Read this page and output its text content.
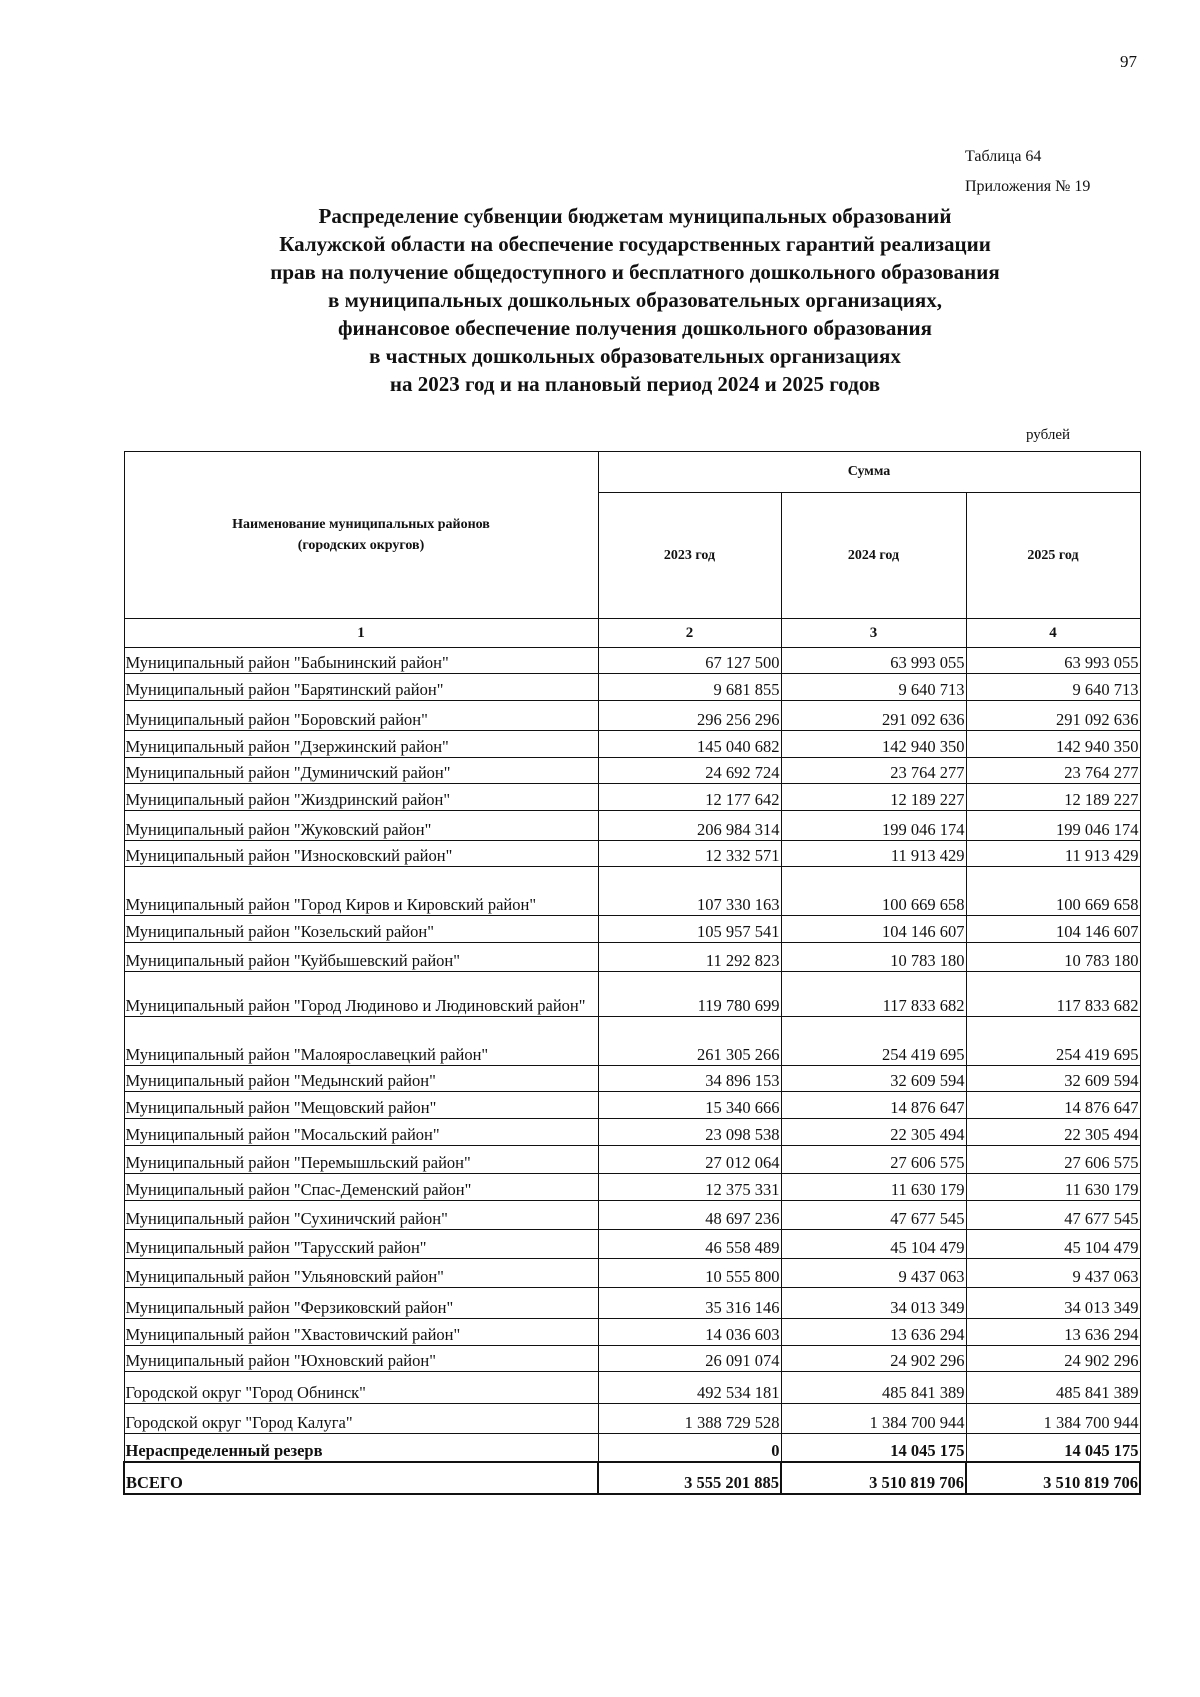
97
Таблица 64
Приложения № 19
Распределение субвенции бюджетам муниципальных образований
Калужской области на обеспечение государственных гарантий реализации
прав на получение общедоступного и бесплатного дошкольного образования
в муниципальных дошкольных образовательных организациях,
финансовое обеспечение получения дошкольного образования
в частных дошкольных образовательных организациях
на 2023 год и на плановый период 2024 и 2025 годов
рублей
Наименование муниципальных районов
(городских округов)	Сумма		
	2023 год	2024 год	2025 год
1	2	3	4
Муниципальный район "Бабынинский район"	67 127 500	63 993 055	63 993 055
Муниципальный район "Барятинский район"	9 681 855	9 640 713	9 640 713
Муниципальный район "Боровский район"	296 256 296	291 092 636	291 092 636
Муниципальный район "Дзержинский район"	145 040 682	142 940 350	142 940 350
Муниципальный район "Думиничский район"	24 692 724	23 764 277	23 764 277
Муниципальный район "Жиздринский район"	12 177 642	12 189 227	12 189 227
Муниципальный район "Жуковский район"	206 984 314	199 046 174	199 046 174
Муниципальный район "Износковский район"	12 332 571	11 913 429	11 913 429
Муниципальный район "Город Киров и Кировский район"	107 330 163	100 669 658	100 669 658
Муниципальный район "Козельский район"	105 957 541	104 146 607	104 146 607
Муниципальный район "Куйбышевский район"	11 292 823	10 783 180	10 783 180
Муниципальный район "Город Людиново и Людиновский район"	119 780 699	117 833 682	117 833 682
Муниципальный район "Малоярославецкий район"	261 305 266	254 419 695	254 419 695
Муниципальный район "Медынский район"	34 896 153	32 609 594	32 609 594
Муниципальный район "Мещовский район"	15 340 666	14 876 647	14 876 647
Муниципальный район "Мосальский район"	23 098 538	22 305 494	22 305 494
Муниципальный район "Перемышльский район"	27 012 064	27 606 575	27 606 575
Муниципальный район "Спас-Деменский район"	12 375 331	11 630 179	11 630 179
Муниципальный район "Сухиничский район"	48 697 236	47 677 545	47 677 545
Муниципальный район "Тарусский район"	46 558 489	45 104 479	45 104 479
Муниципальный район "Ульяновский район"	10 555 800	9 437 063	9 437 063
Муниципальный район "Ферзиковский район"	35 316 146	34 013 349	34 013 349
Муниципальный район "Хвастовичский район"	14 036 603	13 636 294	13 636 294
Муниципальный район "Юхновский район"	26 091 074	24 902 296	24 902 296
Городской округ "Город Обнинск"	492 534 181	485 841 389	485 841 389
Городской округ "Город Калуга"	1 388 729 528	1 384 700 944	1 384 700 944
Нераспределенный резерв	0	14 045 175	14 045 175
ВСЕГО	3 555 201 885	3 510 819 706	3 510 819 706
